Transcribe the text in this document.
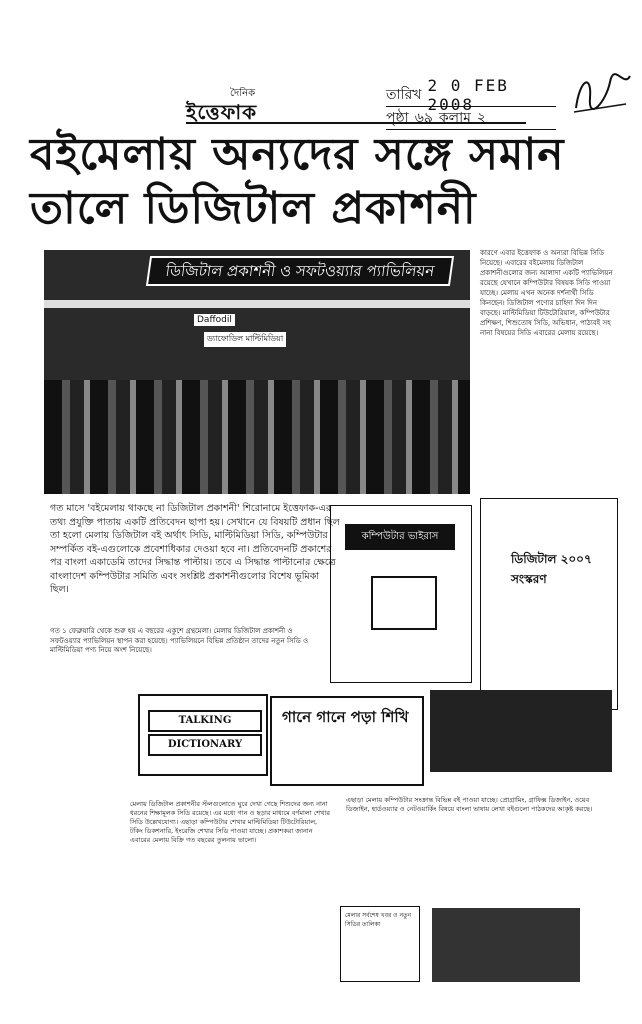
দৈনিক
ইত্তেফাক
তারিখ 2 0 FEB 2008
পৃষ্ঠা ৬৯ কলাম ২
বইমেলায় অন্যদের সঙ্গে সমান
তালে ডিজিটাল প্রকাশনী
ডিজিটাল প্রকাশনী ও সফটওয়্যার প্যাভিলিয়ন
Daffodil
ড্যাফোডিল মাল্টিমিডিয়া

কারণে এবার ইত্তেফাক ও অন্যরা বিভিন্ন সিডি নিয়েছে। এবারের বইমেলায় ডিজিটাল প্রকাশনীগুলোর জন্য আলাদা একটি প্যাভিলিয়ন রয়েছে যেখানে কম্পিউটার বিষয়ক সিডি পাওয়া যাচ্ছে। মেলায় এখন অনেক দর্শনার্থী সিডি কিনছেন। ডিজিটাল পণ্যের চাহিদা দিন দিন বাড়ছে। মাল্টিমিডিয়া টিউটোরিয়াল, কম্পিউটার প্রশিক্ষণ, শিশুতোষ সিডি, অভিধান, পাঠ্যবই সহ নানা বিষয়ের সিডি এবারের মেলায় রয়েছে।

গত মাসে 'বইমেলায় থাকছে না ডিজিটাল প্রকাশনী' শিরোনামে ইত্তেফাক-এর তথ্য প্রযুক্তি পাতায় একটি প্রতিবেদন ছাপা হয়। সেখানে যে বিষয়টি প্রধান ছিল তা হলো মেলায় ডিজিটাল বই অর্থাৎ সিডি, মাল্টিমিডিয়া সিডি, কম্পিউটার সম্পর্কিত বই-এগুলোকে প্রবেশাধিকার দেওয়া হবে না। প্রতিবেদনটি প্রকাশের পর বাংলা একাডেমি তাদের সিদ্ধান্ত পাল্টায়। তবে এ সিদ্ধান্ত পাল্টানোর ক্ষেত্রে বাংলাদেশ কম্পিউটার সমিতি এবং সংশ্লিষ্ট প্রকাশনীগুলোর বিশেষ ভূমিকা ছিল।

গত ১ ফেব্রুয়ারি থেকে শুরু হয় এ বছরের একুশে গ্রন্থমেলা। মেলায় ডিজিটাল প্রকাশনী ও সফটওয়্যার প্যাভিলিয়ন স্থাপন করা হয়েছে। প্যাভিলিয়নে বিভিন্ন প্রতিষ্ঠান তাদের নতুন সিডি ও মাল্টিমিডিয়া পণ্য নিয়ে অংশ নিয়েছে।

কম্পিউটার ভাইরাস
ডিজিটাল ২০০৭ সংস্করণ
TALKING
DICTIONARY
গানে গানে পড়া শিখি
মেলায় ডিজিটাল প্রকাশনীর স্টলগুলোতে ঘুরে দেখা গেছে শিশুদের জন্য নানা ধরনের শিক্ষামূলক সিডি রয়েছে। এর মধ্যে গান ও ছড়ার মাধ্যমে বর্ণমালা শেখার সিডি উল্লেখযোগ্য। এছাড়া কম্পিউটার শেখার মাল্টিমিডিয়া টিউটোরিয়াল, টকিং ডিকশনারি, ইংরেজি শেখার সিডি পাওয়া যাচ্ছে। প্রকাশকরা জানান এবারের মেলায় বিক্রি গত বছরের তুলনায় ভালো।
এছাড়া মেলায় কম্পিউটার সংক্রান্ত বিভিন্ন বই পাওয়া যাচ্ছে। প্রোগ্রামিং, গ্রাফিক্স ডিজাইন, ওয়েব ডিজাইন, হার্ডওয়্যার ও নেটওয়ার্কিং বিষয়ে বাংলা ভাষায় লেখা বইগুলো পাঠকদের আকৃষ্ট করছে।
মেলার সর্বশেষ খবর ও নতুন সিডির তালিকা
